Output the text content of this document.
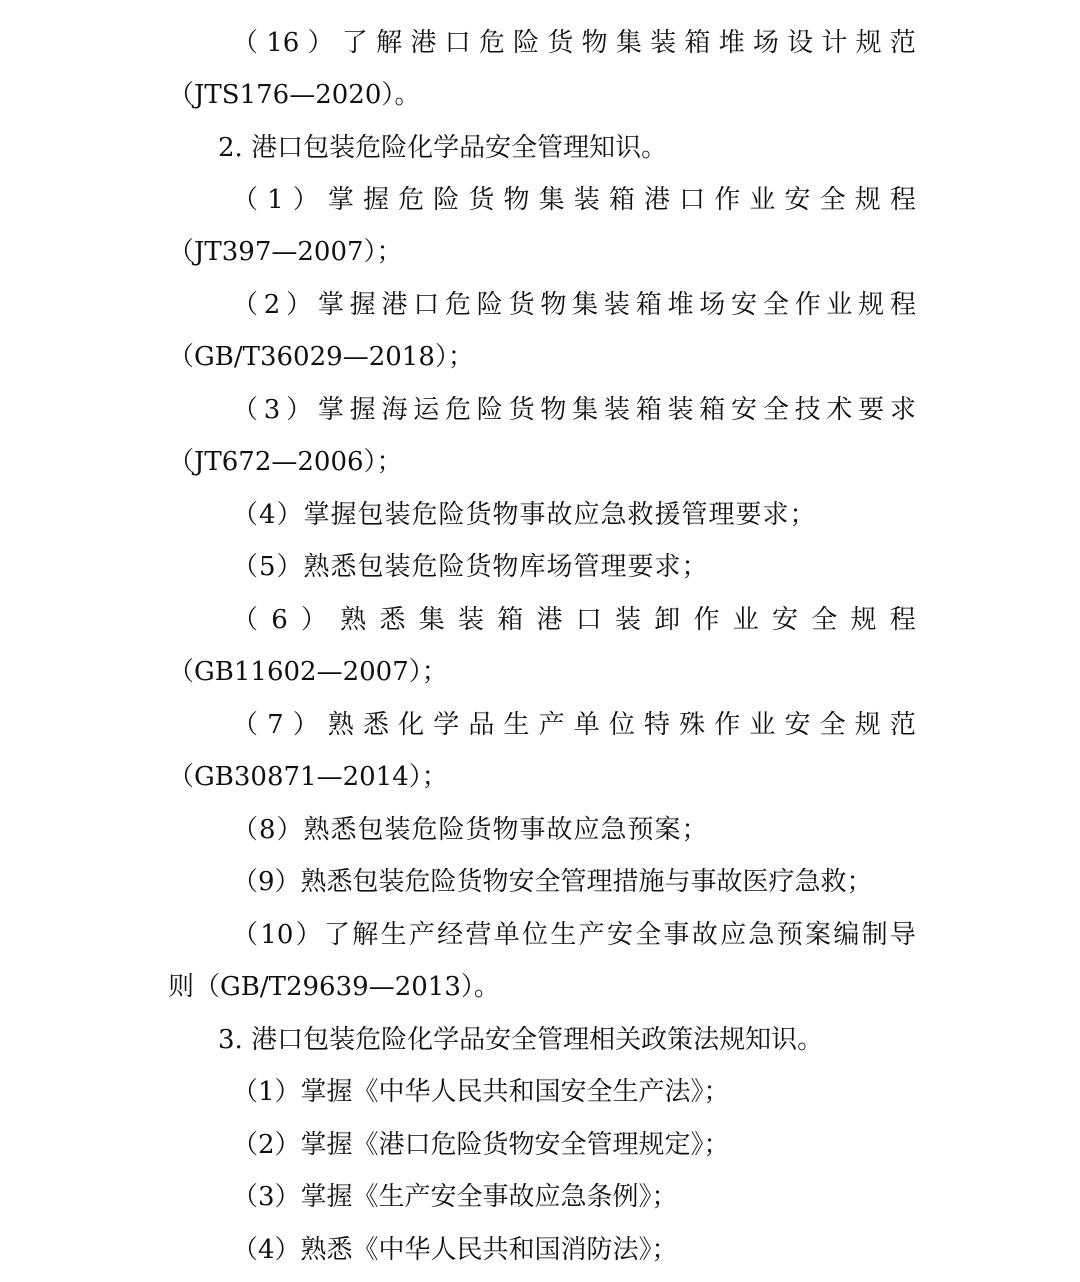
（ 16 ） 了 解 港 口 危 险 货 物 集 装 箱 堆 场 设 计 规 范
（JTS176—2020）。
2. 港口包装危险化学品安全管理知识。
（ 1 ） 掌 握 危 险 货 物 集 装 箱 港 口 作 业 安 全 规 程
（JT397—2007）；
（ 2 ） 掌 握 港 口 危 险 货 物 集 装 箱 堆 场 安 全 作 业 规 程
（GB/T36029—2018）；
（ 3 ） 掌 握 海 运 危 险 货 物 集 装 箱 装 箱 安 全 技 术 要 求
（JT672—2006）；
（4）掌握包装危险货物事故应急救援管理要求；
（5）熟悉包装危险货物库场管理要求；
（ 6 ） 熟 悉 集 装 箱 港 口 装 卸 作 业 安 全 规 程
（GB11602—2007）；
（ 7 ） 熟 悉 化 学 品 生 产 单 位 特 殊 作 业 安 全 规 范
（GB30871—2014）；
（8）熟悉包装危险货物事故应急预案；
（9）熟悉包装危险货物安全管理措施与事故医疗急救；
（ 10 ） 了 解 生 产 经 营 单 位 生 产 安 全 事 故 应 急 预 案 编 制 导
则（GB/T29639—2013）。
3. 港口包装危险化学品安全管理相关政策法规知识。
（1）掌握《中华人民共和国安全生产法》；
（2）掌握《港口危险货物安全管理规定》；
（3）掌握《生产安全事故应急条例》；
（4）熟悉《中华人民共和国消防法》；
